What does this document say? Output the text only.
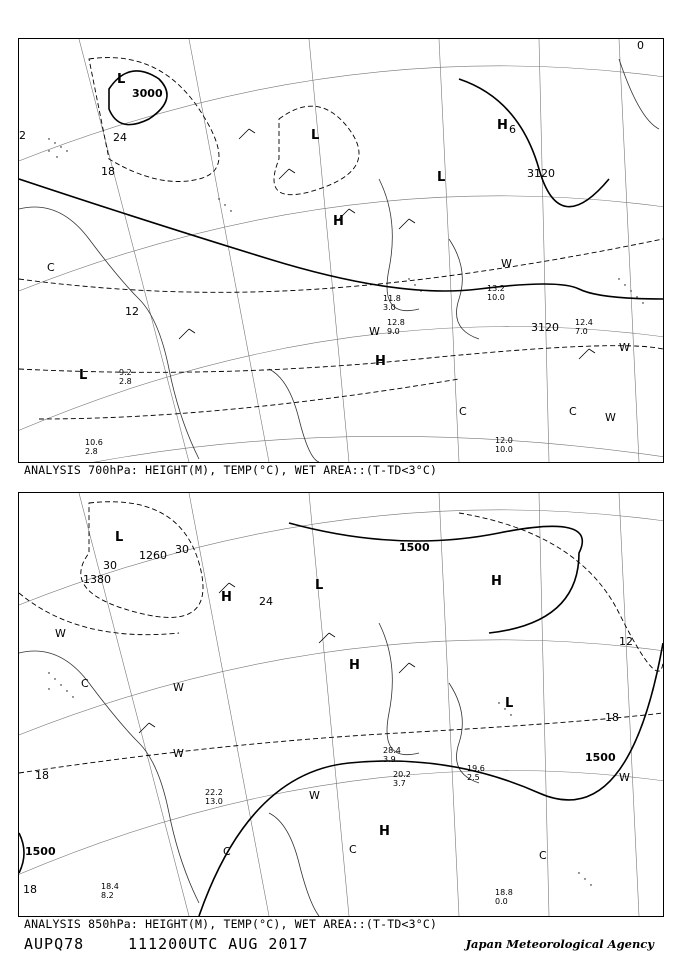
3000
3120
3120
24
18
12
6
0
2
L
L
L
L
H
H
H
C
C	C
W
W
W
W
13.2 10.0
12.4 7.0
12.0 10.0
12.8 9.0
11.8 3.0
10.6 2.8
9.2 2.8
ANALYSIS 700hPa: HEIGHT(M), TEMP(°C), WET AREA::(T-TD<3°C)
1500
1500
1500
1260
1380
30
30
24
18
18
18
12
L
L
L
H
H
H
H
C
C	C	C
W
W
W
W
W
19.6 2.5
18.8 0.0
20.2 3.7
28.4 3.9
18.4 8.2
22.2 13.0
ANALYSIS 850hPa: HEIGHT(M), TEMP(°C), WET AREA::(T-TD<3°C)
AUPQ78	111200UTC AUG 2017	Japan Meteorological Agency
